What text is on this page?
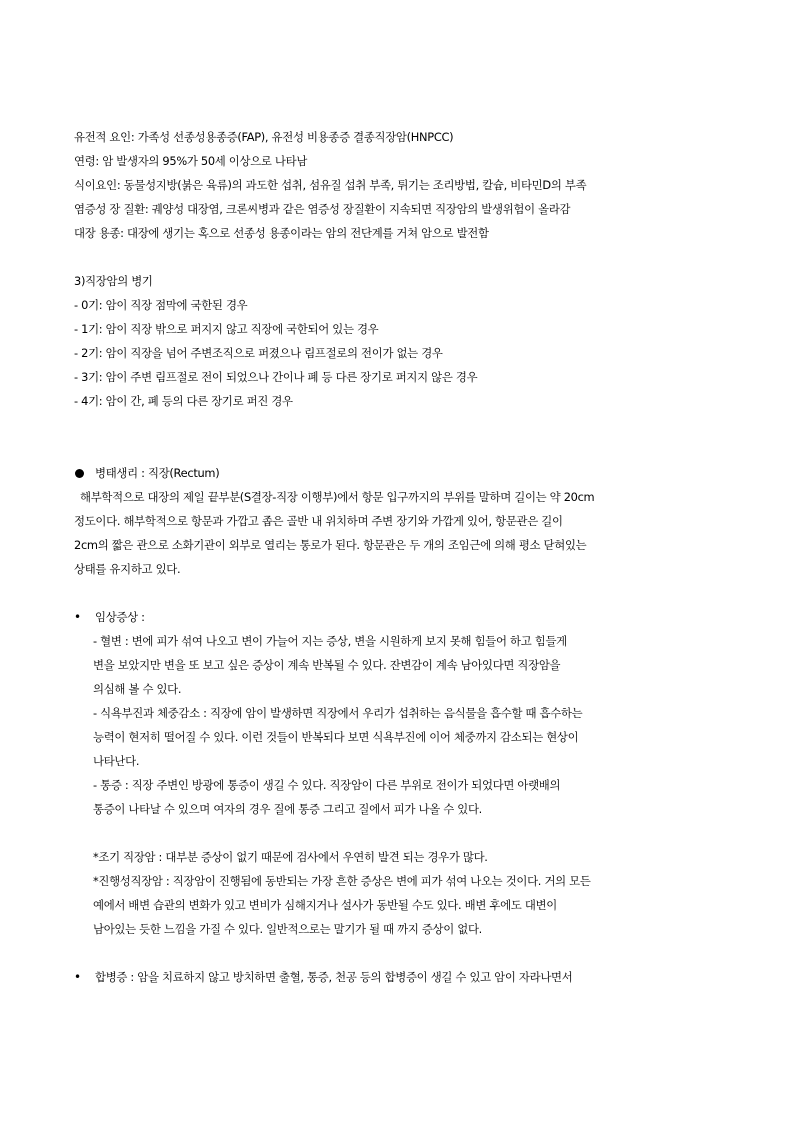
유전적 요인: 가족성 선종성용종증(FAP), 유전성 비용종증 결종직장암(HNPCC)
연령: 암 발생자의 95%가 50세 이상으로 나타남
식이요인: 동물성지방(붉은 육류)의 과도한 섭취, 섬유질 섭취 부족, 튀기는 조리방법, 칼슘, 비타민D의 부족
염증성 장 질환: 궤양성 대장염, 크론씨병과 같은 염증성 장질환이 지속되면 직장암의 발생위험이 올라감
대장 용종: 대장에 생기는 혹으로 선종성 용종이라는 암의 전단계를 거쳐 암으로 발전함
3)직장암의 병기
- 0기: 암이 직장 점막에 국한된 경우
- 1기: 암이 직장 밖으로 퍼지지 않고 직장에 국한되어 있는 경우
- 2기: 암이 직장을 넘어 주변조직으로 퍼졌으나 림프절로의 전이가 없는 경우
- 3기: 암이 주변 림프절로 전이 되었으나 간이나 폐 등 다른 장기로 퍼지지 않은 경우
- 4기: 암이 간, 폐 등의 다른 장기로 퍼진 경우
병태생리 : 직장(Rectum)
해부학적으로 대장의 제일 끝부분(S결장-직장 이행부)에서 항문 입구까지의 부위를 말하며 길이는 약 20cm
정도이다. 해부학적으로 항문과 가깝고 좁은 골반 내 위치하며 주변 장기와 가깝게 있어, 항문관은 길이
2cm의 짧은 관으로 소화기관이 외부로 열리는 통로가 된다. 항문관은 두 개의 조임근에 의해 평소 닫혀있는
상태를 유지하고 있다.
• 임상증상 :
- 혈변 : 변에 피가 섞여 나오고 변이 가늘어 지는 증상, 변을 시원하게 보지 못해 힘들어 하고 힘들게
변을 보았지만 변을 또 보고 싶은 증상이 계속 반복될 수 있다. 잔변감이 계속 남아있다면 직장암을
의심해 볼 수 있다.
- 식욕부진과 체중감소 : 직장에 암이 발생하면 직장에서 우리가 섭취하는 음식물을 흡수할 때 흡수하는
능력이 현저히 떨어질 수 있다. 이런 것들이 반복되다 보면 식욕부진에 이어 체중까지 감소되는 현상이
나타난다.
- 통증 : 직장 주변인 방광에 통증이 생길 수 있다. 직장암이 다른 부위로 전이가 되었다면 아랫배의
통증이 나타날 수 있으며 여자의 경우 질에 통증 그리고 질에서 피가 나올 수 있다.
*조기 직장암 : 대부분 증상이 없기 때문에 검사에서 우연히 발견 되는 경우가 많다.
*진행성직장암 : 직장암이 진행됨에 동반되는 가장 흔한 증상은 변에 피가 섞여 나오는 것이다. 거의 모든
예에서 배변 습관의 변화가 있고 변비가 심해지거나 설사가 동반될 수도 있다. 배변 후에도 대변이
남아있는 듯한 느낌을 가질 수 있다. 일반적으로는 말기가 될 때 까지 증상이 없다.
• 합병증 : 암을 치료하지 않고 방치하면 출혈, 통증, 천공 등의 합병증이 생길 수 있고 암이 자라나면서
